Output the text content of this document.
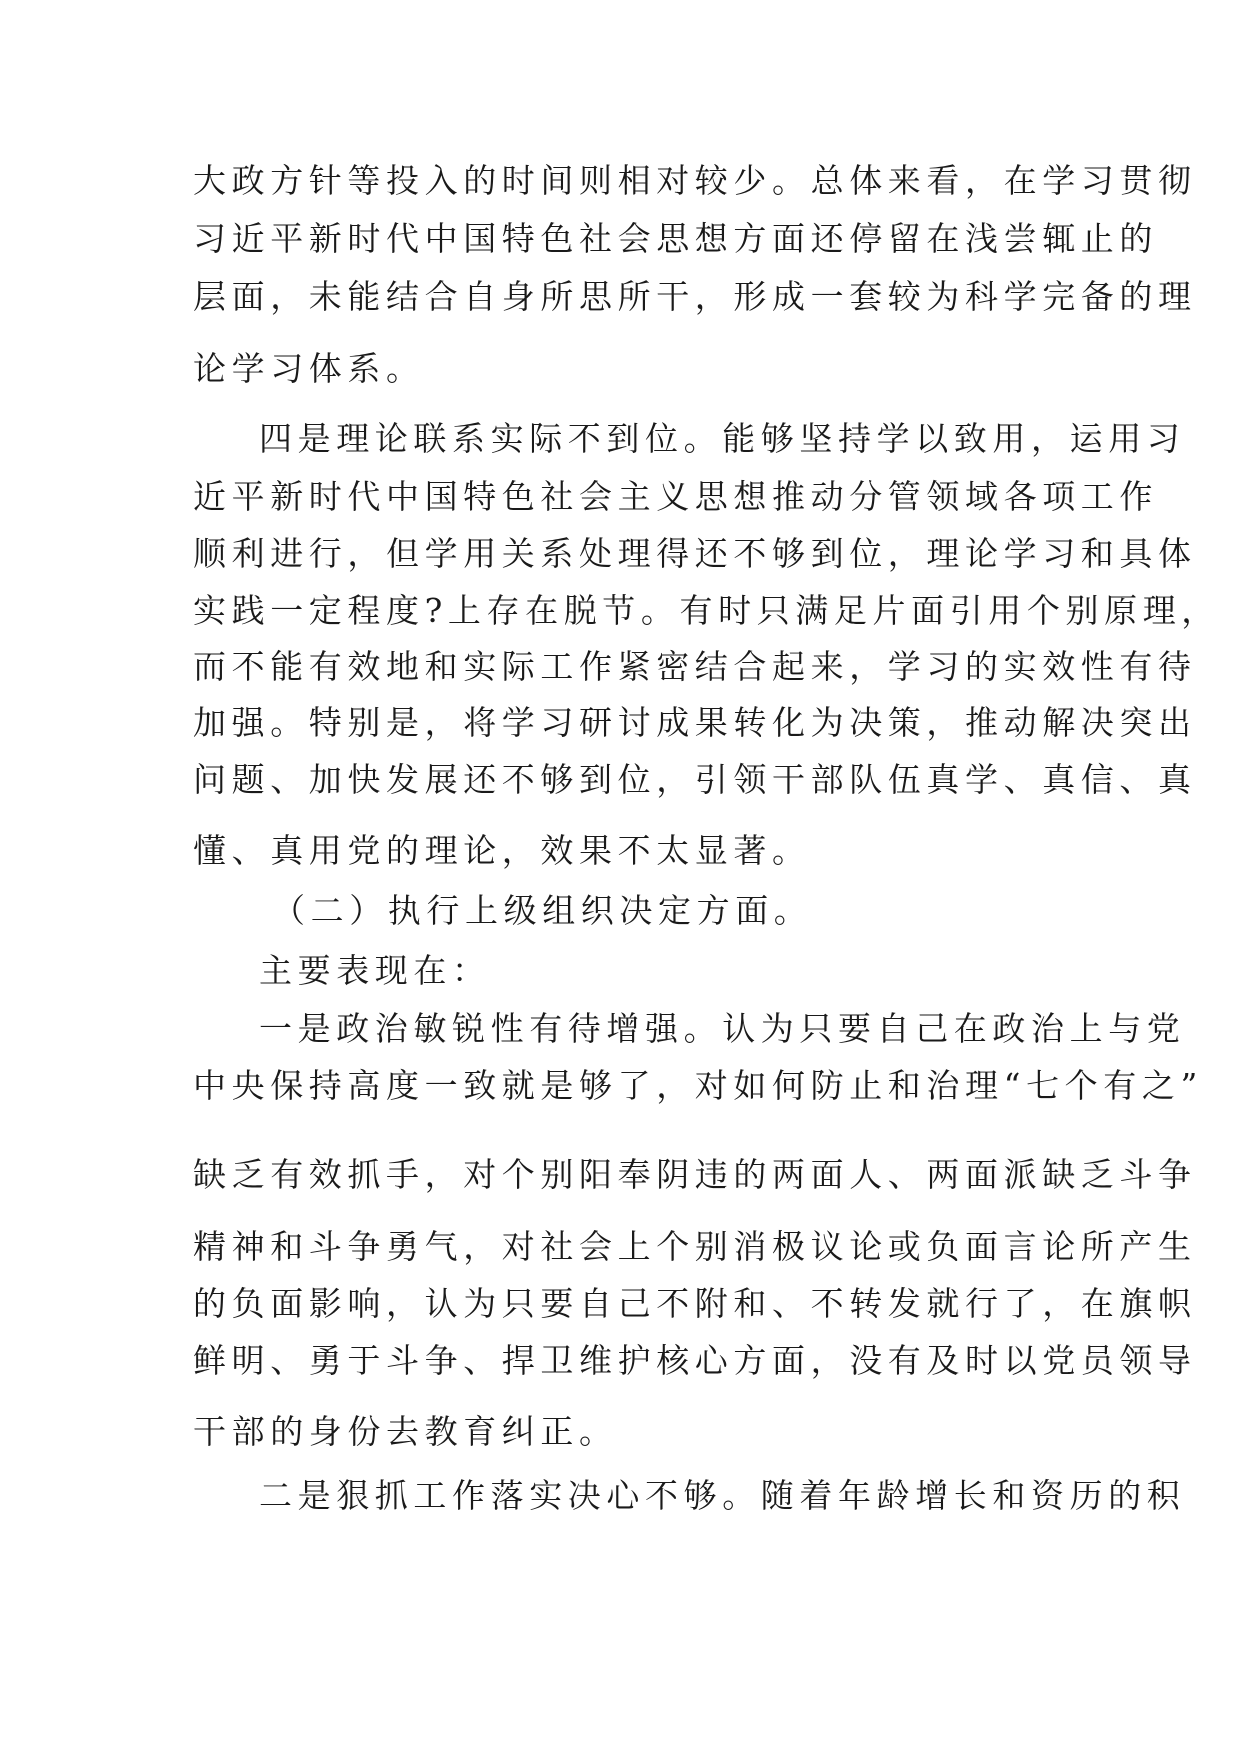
大政方针等投入的时间则相对较少。总体来看，在学习贯彻
习近平新时代中国特色社会思想方面还停留在浅尝辄止的
层面，未能结合自身所思所干，形成一套较为科学完备的理
论学习体系。
四是理论联系实际不到位。能够坚持学以致用，运用习
近平新时代中国特色社会主义思想推动分管领域各项工作
顺利进行，但学用关系处理得还不够到位，理论学习和具体
实践一定程度?上存在脱节。有时只满足片面引用个别原理，
而不能有效地和实际工作紧密结合起来，学习的实效性有待
加强。特别是，将学习研讨成果转化为决策，推动解决突出
问题、加快发展还不够到位，引领干部队伍真学、真信、真
懂、真用党的理论，效果不太显著。
（二）执行上级组织决定方面。
主要表现在：
一是政治敏锐性有待增强。认为只要自己在政治上与党
中央保持高度一致就是够了，对如何防止和治理“七个有之”
缺乏有效抓手，对个别阳奉阴违的两面人、两面派缺乏斗争
精神和斗争勇气，对社会上个别消极议论或负面言论所产生
的负面影响，认为只要自己不附和、不转发就行了，在旗帜
鲜明、勇于斗争、捍卫维护核心方面，没有及时以党员领导
干部的身份去教育纠正。
二是狠抓工作落实决心不够。随着年龄增长和资历的积
